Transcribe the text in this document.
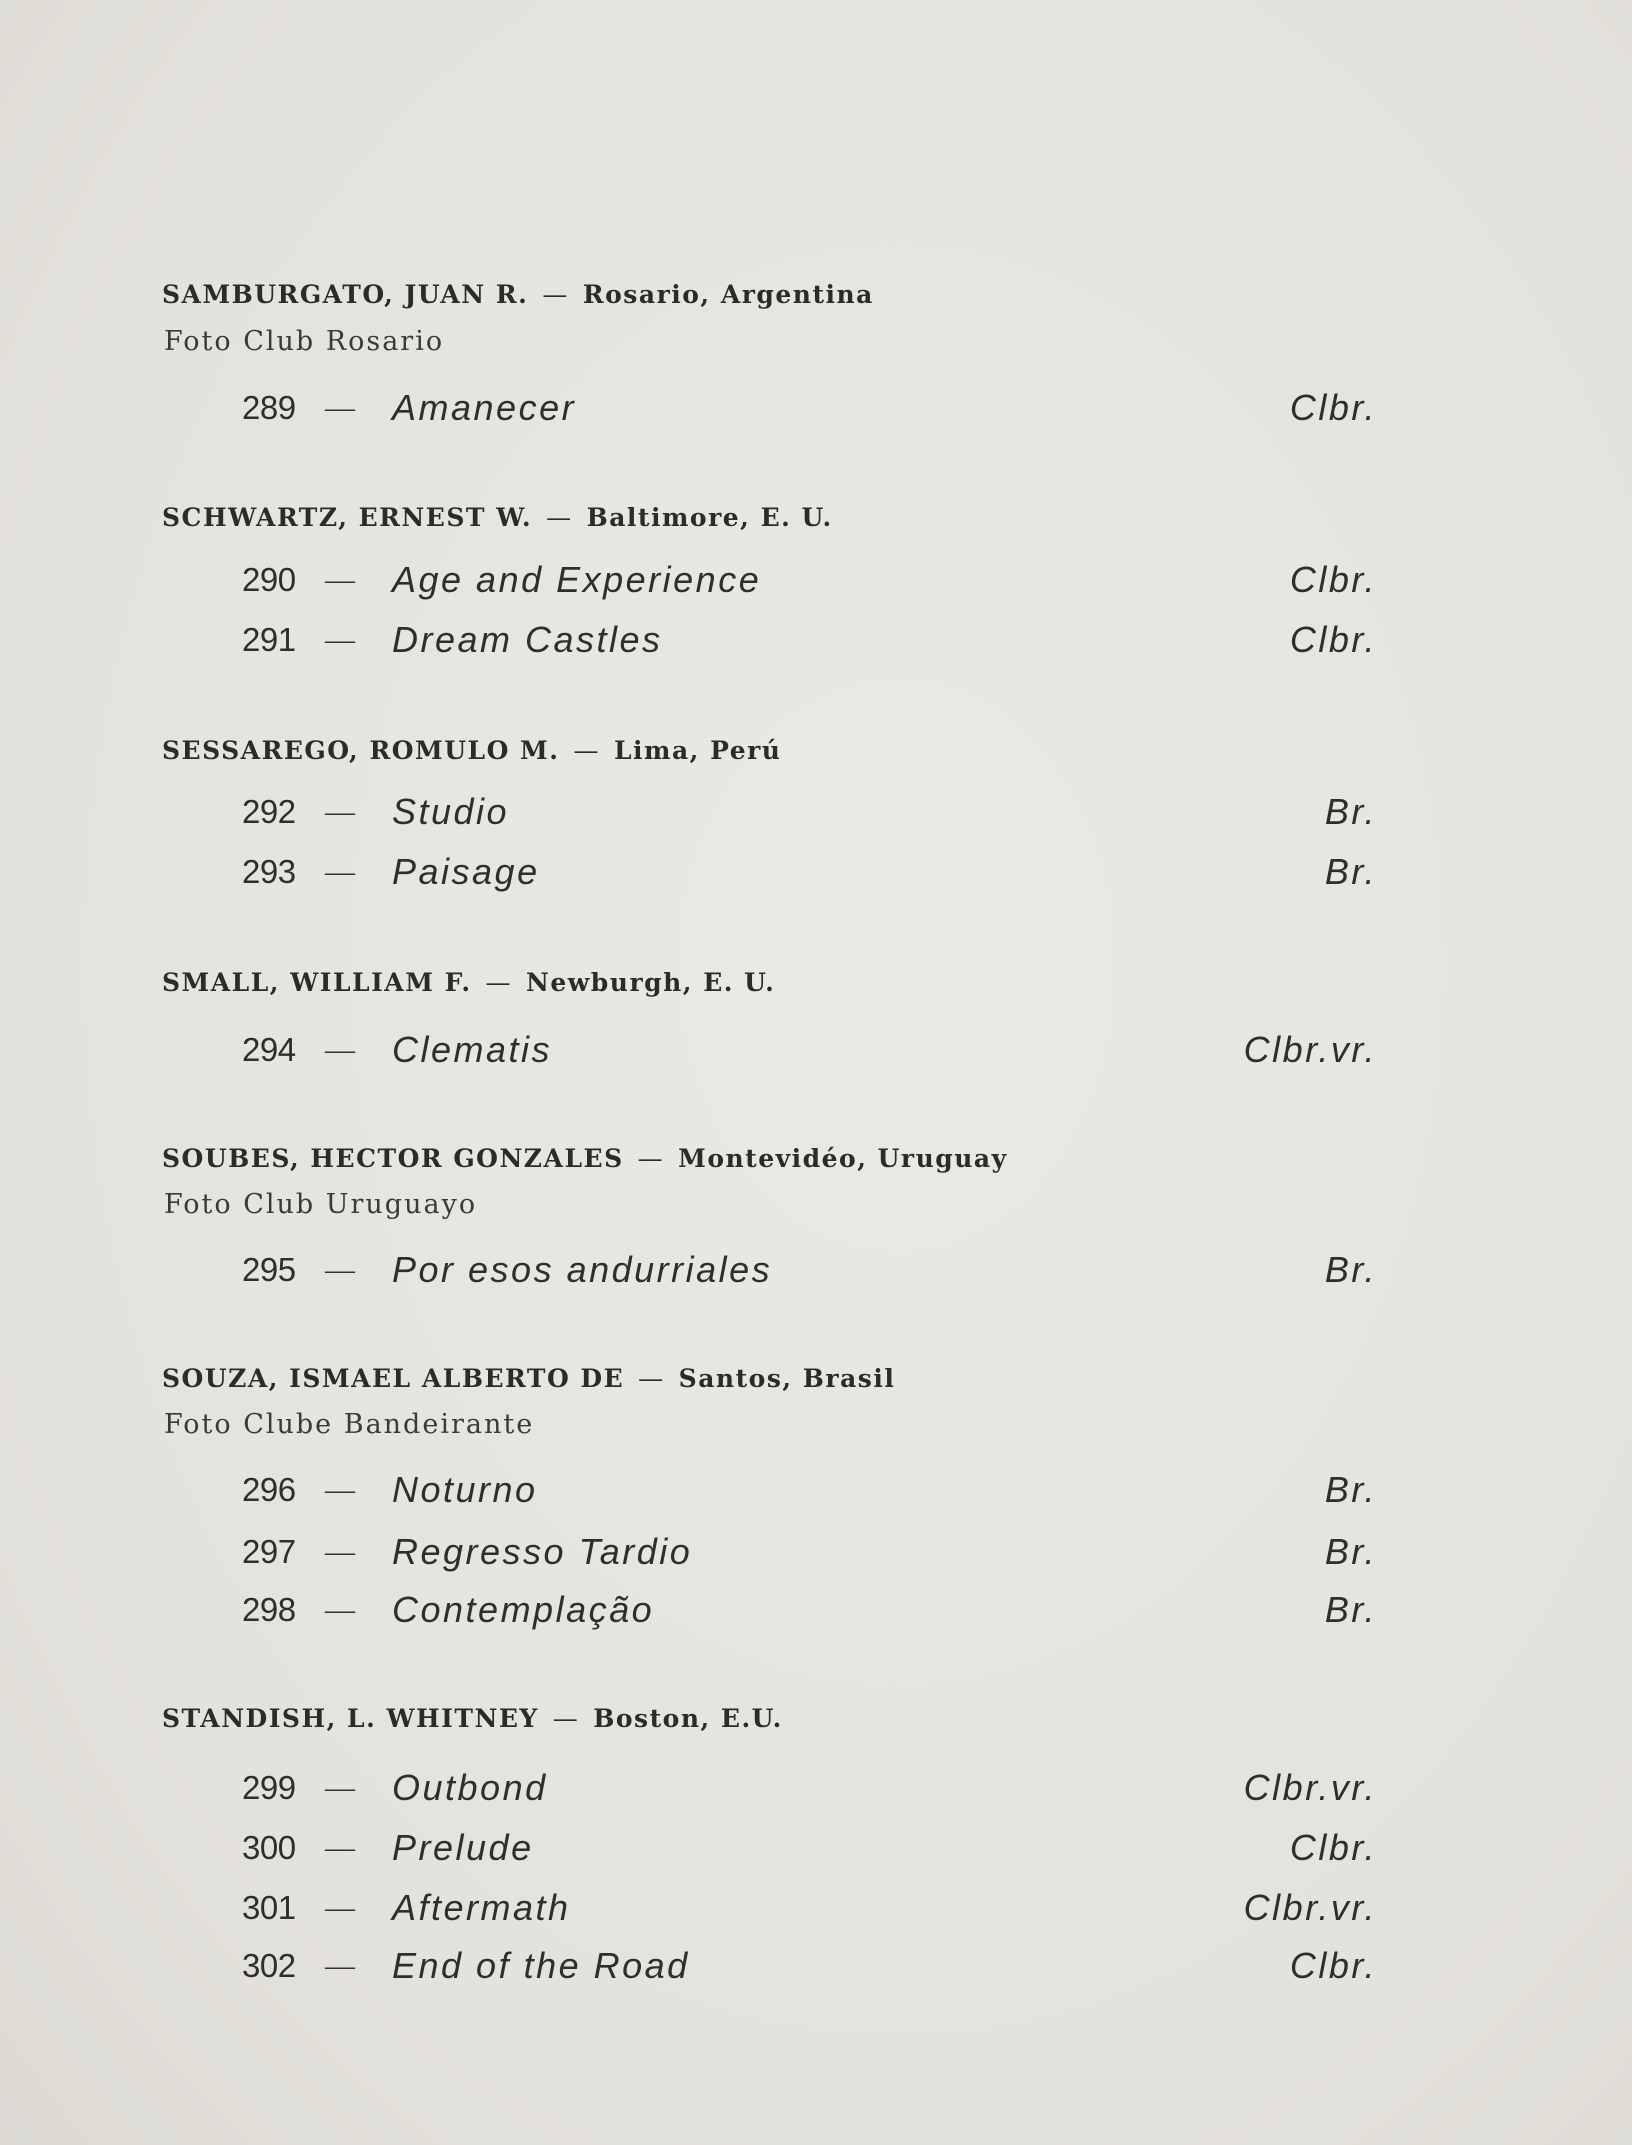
SAMBURGATO, JUAN R. — Rosario, Argentina
Foto Club Rosario
289 — Amanecer	Clbr.
SCHWARTZ, ERNEST W. — Baltimore, E. U.
290 — Age and Experience	Clbr.
291 — Dream Castles	Clbr.
SESSAREGO, ROMULO M. — Lima, Perú
292 — Studio	Br.
293 — Paisage	Br.
SMALL, WILLIAM F. — Newburgh, E. U.
294 — Clematis	Clbr.vr.
SOUBES, HECTOR GONZALES — Montevidéo, Uruguay
Foto Club Uruguayo
295 — Por esos andurriales	Br.
SOUZA, ISMAEL ALBERTO DE — Santos, Brasil
Foto Clube Bandeirante
296 — Noturno	Br.
297 — Regresso Tardio	Br.
298 — Contemplação	Br.
STANDISH, L. WHITNEY — Boston, E.U.
299 — Outbond	Clbr.vr.
300 — Prelude	Clbr.
301 — Aftermath	Clbr.vr.
302 — End of the Road	Clbr.
